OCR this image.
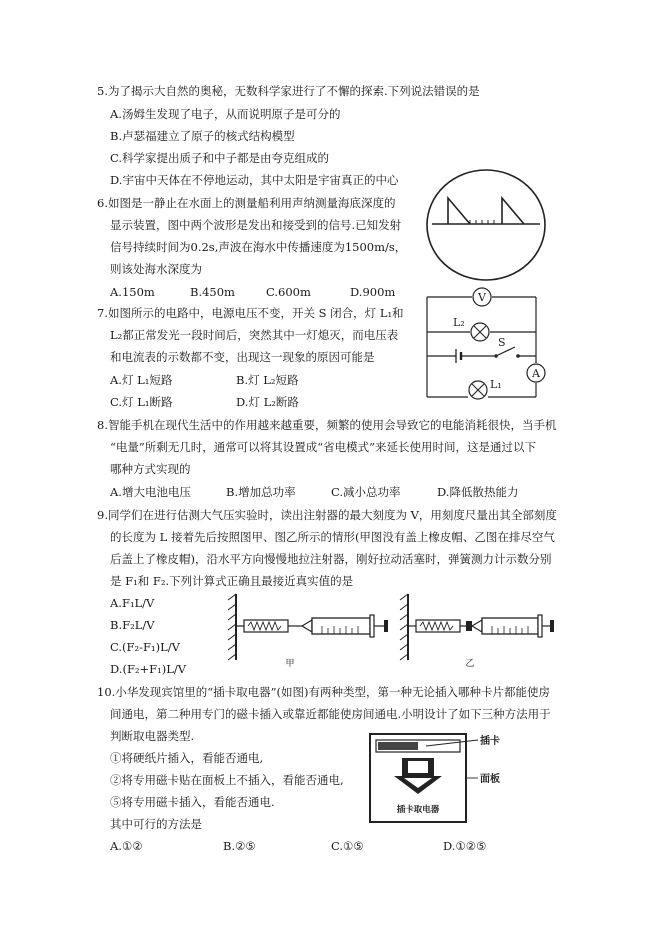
5.为了揭示大自然的奥秘，无数科学家进行了不懈的探索.下列说法错误的是
A.汤姆生发现了电子，从而说明原子是可分的
B.卢瑟福建立了原子的核式结构模型
C.科学家提出质子和中子都是由夸克组成的
D.宇宙中天体在不停地运动，其中太阳是宇宙真正的中心
6.如图是一静止在水面上的测量船利用声纳测量海底深度的
显示装置，图中两个波形是发出和接受到的信号.已知发射
信号持续时间为0.2s,声波在海水中传播速度为1500m/s，
则该处海水深度为
A.150m	B.450m	C.600m	D.900m
7.如图所示的电路中，电源电压不变，开关 S 闭合，灯 L₁和
L₂都正常发光一段时间后，突然其中一灯熄灭，而电压表
和电流表的示数都不变，出现这一现象的原因可能是
A.灯 L₁短路	B.灯 L₂短路
C.灯 L₁断路	D.灯 L₂断路
V
A
L₂
S
L₁
8.智能手机在现代生活中的作用越来越重要，频繁的使用会导致它的电能消耗很快，当手机
“电量”所剩无几时，通常可以将其设置成“省电模式”来延长使用时间，这是通过以下
哪种方式实现的
A.增大电池电压	B.增加总功率	C.减小总功率	D.降低散热能力
9.同学们在进行估测大气压实验时，读出注射器的最大刻度为 V，用刻度尺量出其全部刻度
的长度为 L 接着先后按照图甲、图乙所示的情形(甲图没有盖上橡皮帽、乙图在排尽空气
后盖上了橡皮帽)，沿水平方向慢慢地拉注射器，刚好拉动活塞时，弹簧测力计示数分别
是 F₁和 F₂.下列计算式正确且最接近真实值的是
A.F₁L/V
B.F₂L/V
C.(F₂-F₁)L/V
D.(F₂+F₁)L/V	甲	乙
10.小华发现宾馆里的“插卡取电器”(如图)有两种类型，第一种无论插入哪种卡片都能使房
间通电，第二种用专门的磁卡插入或靠近都能使房间通电.小明设计了如下三种方法用于
判断取电器类型.
①将硬纸片插入，看能否通电,
②将专用磁卡贴在面板上不插入，看能否通电,
⑤将专用磁卡插入，看能否通电.
其中可行的方法是
A.①②	B.②⑤	C.①⑤	D.①②⑤
插卡取电器
插卡
面板
